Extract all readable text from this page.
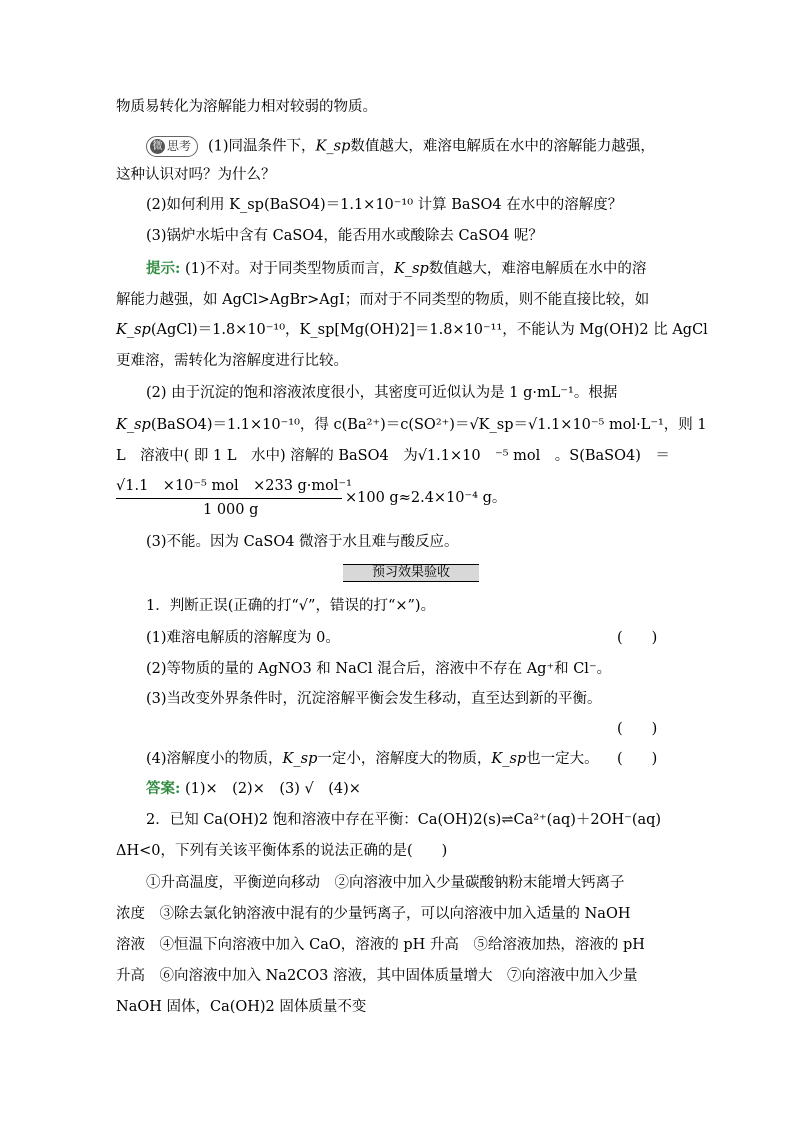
物质易转化为溶解能力相对较弱的物质。
微 思考 (1)同温条件下，K_sp数值越大，难溶电解质在水中的溶解能力越强，
这种认识对吗？为什么？
(2)如何利用 K_sp(BaSO4)＝1.1×10⁻¹⁰ 计算 BaSO4 在水中的溶解度？
(3)锅炉水垢中含有 CaSO4，能否用水或酸除去 CaSO4 呢？
提示: (1)不对。对于同类型物质而言，K_sp数值越大，难溶电解质在水中的溶
解能力越强，如 AgCl>AgBr>AgI；而对于不同类型的物质，则不能直接比较，如
K_sp(AgCl)＝1.8×10⁻¹⁰，K_sp[Mg(OH)2]＝1.8×10⁻¹¹，不能认为 Mg(OH)2 比 AgCl
更难溶，需转化为溶解度进行比较。
(2) 由于沉淀的饱和溶液浓度很小，其密度可近似认为是 1 g·mL⁻¹。根据
K_sp(BaSO4)＝1.1×10⁻¹⁰，得 c(Ba²⁺)＝c(SO²⁺)＝√K_sp＝√1.1×10⁻⁵ mol·L⁻¹，则 1
L　溶液中( 即 1 L　水中) 溶解的 BaSO4　为√1.1×10　⁻⁵ mol　。S(BaSO4)　＝
√1.1　×10⁻⁵ mol　×233 g·mol⁻¹
1 000 g
×100 g≈2.4×10⁻⁴ g。
(3)不能。因为 CaSO4 微溶于水且难与酸反应。
预习效果验收
1．判断正误(正确的打“√”，错误的打“×”)。
(1)难溶电解质的溶解度为 0。	(　　)
(2)等物质的量的 AgNO3 和 NaCl 混合后，溶液中不存在 Ag⁺和 Cl⁻。
(3)当改变外界条件时，沉淀溶解平衡会发生移动，直至达到新的平衡。
(　　)
(4)溶解度小的物质，K_sp一定小，溶解度大的物质，K_sp也一定大。 (　　)
答案: (1)×　(2)×　(3) √　(4)×
2．已知 Ca(OH)2 饱和溶液中存在平衡：Ca(OH)2(s)⇌Ca²⁺(aq)＋2OH⁻(aq)
ΔH<0，下列有关该平衡体系的说法正确的是(　　)
①升高温度，平衡逆向移动　②向溶液中加入少量碳酸钠粉末能增大钙离子
浓度　③除去氯化钠溶液中混有的少量钙离子，可以向溶液中加入适量的 NaOH
溶液　④恒温下向溶液中加入 CaO，溶液的 pH 升高　⑤给溶液加热，溶液的 pH
升高　⑥向溶液中加入 Na2CO3 溶液，其中固体质量增大　⑦向溶液中加入少量
NaOH 固体，Ca(OH)2 固体质量不变
